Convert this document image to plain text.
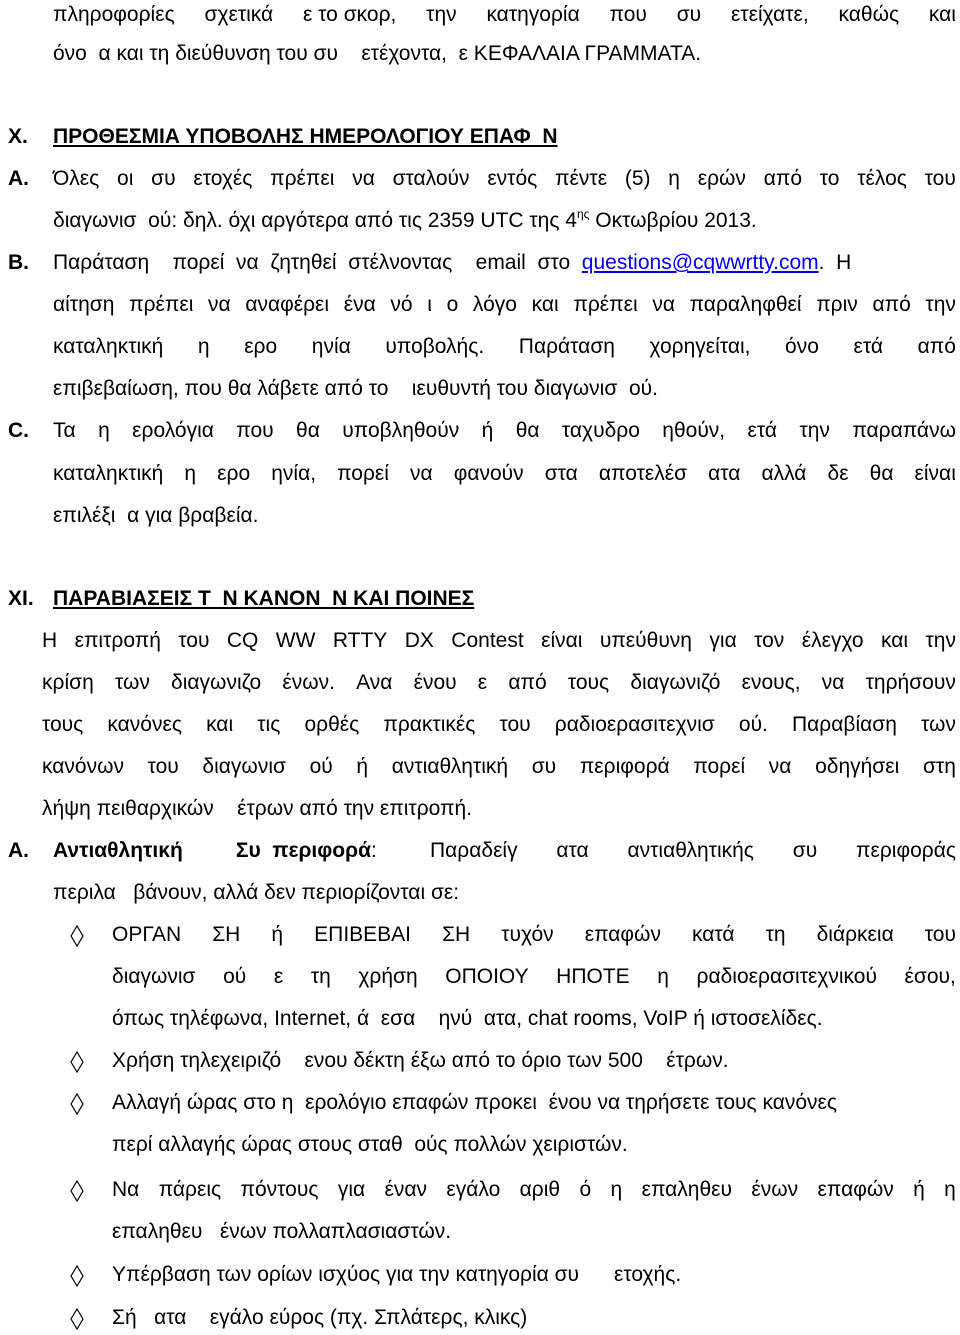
πληροφορίες σχετικά ε το σκορ, την κατηγορία που συ ετείχατε, καθώς και
όνο  α και τη διεύθυνση του συ    ετέχοντα,  ε ΚΕΦΑΛΑΙΑ ΓΡΑΜΜΑΤΑ.
X. ΠΡΟΘΕΣΜΙΑ ΥΠΟΒΟΛΗΣ ΗΜΕΡΟΛΟΓΙΟΥ ΕΠΑΦ  Ν
A. Όλες οι συ ετοχές πρέπει να σταλούν εντός πέντε (5) η ερών από το τέλος του
διαγωνισ  ού: δηλ. όχι αργότερα από τις 2359 UTC της $4^{\eta\varsigma}$ Οκτωβρίου 2013.
B. Παράταση    πορεί  να  ζητηθεί  στέλνοντας    email  στο  questions@cqwwrtty.com.  Η
αίτηση πρέπει να αναφέρει ένα νό ι ο λόγο και πρέπει να παραληφθεί πριν από την
καταληκτική η ερο ηνία υποβολής. Παράταση χορηγείται, όνο ετά από
επιβεβαίωση, που θα λάβετε από το    ιευθυντή του διαγωνισ  ού.
C. Τα η ερολόγια που θα υποβληθούν ή θα ταχυδρο ηθούν, ετά την παραπάνω
καταληκτική η ερο ηνία, πορεί να φανούν στα αποτελέσ ατα αλλά δε θα είναι
επιλέξι  α για βραβεία.
XI. ΠΑΡΑΒΙΑΣΕΙΣ Τ  Ν ΚΑΝΟΝ  Ν ΚΑΙ ΠΟΙΝΕΣ
Η επιτροπή του CQ WW RTTY DX Contest είναι υπεύθυνη για τον έλεγχο και την
κρίση των διαγωνιζο ένων. Ανα ένου ε από τους διαγωνιζό ενους, να τηρήσουν
τους κανόνες και τις ορθές πρακτικές του ραδιοερασιτεχνισ ού. Παραβίαση των
κανόνων του διαγωνισ ού ή αντιαθλητική συ περιφορά πορεί να οδηγήσει στη
λήψη πειθαρχικών    έτρων από την επιτροπή.
A. Αντιαθλητική	Συ  περιφορά:	Παραδείγ ατα αντιαθλητικής συ περιφοράς
περιλα   βάνουν, αλλά δεν περιορίζονται σε:
ΟΡΓΑΝ ΣΗ ή ΕΠΙΒΕΒΑΙ ΣΗ τυχόν επαφών κατά τη διάρκεια του
διαγωνισ ού ε τη χρήση ΟΠΟΙΟΥ ΗΠΟΤΕ η ραδιοερασιτεχνικού έσου,
όπως τηλέφωνα, Internet, ά  εσα    ηνύ  ατα, chat rooms, VoIP ή ιστοσελίδες.
Χρήση τηλεχειριζό    ενου δέκτη έξω από το όριο των 500    έτρων.
Αλλαγή ώρας στο η  ερολόγιο επαφών προκει  ένου να τηρήσετε τους κανόνες
περί αλλαγής ώρας στους σταθ  ούς πολλών χειριστών.
Να πάρεις πόντους για έναν εγάλο αριθ ό η επαληθευ ένων επαφών ή η
επαληθευ   ένων πολλαπλασιαστών.
Υπέρβαση των ορίων ισχύος για την κατηγορία συ      ετοχής.
Σή   ατα    εγάλο εύρος (πχ. Σπλάτερς, κλικς)
